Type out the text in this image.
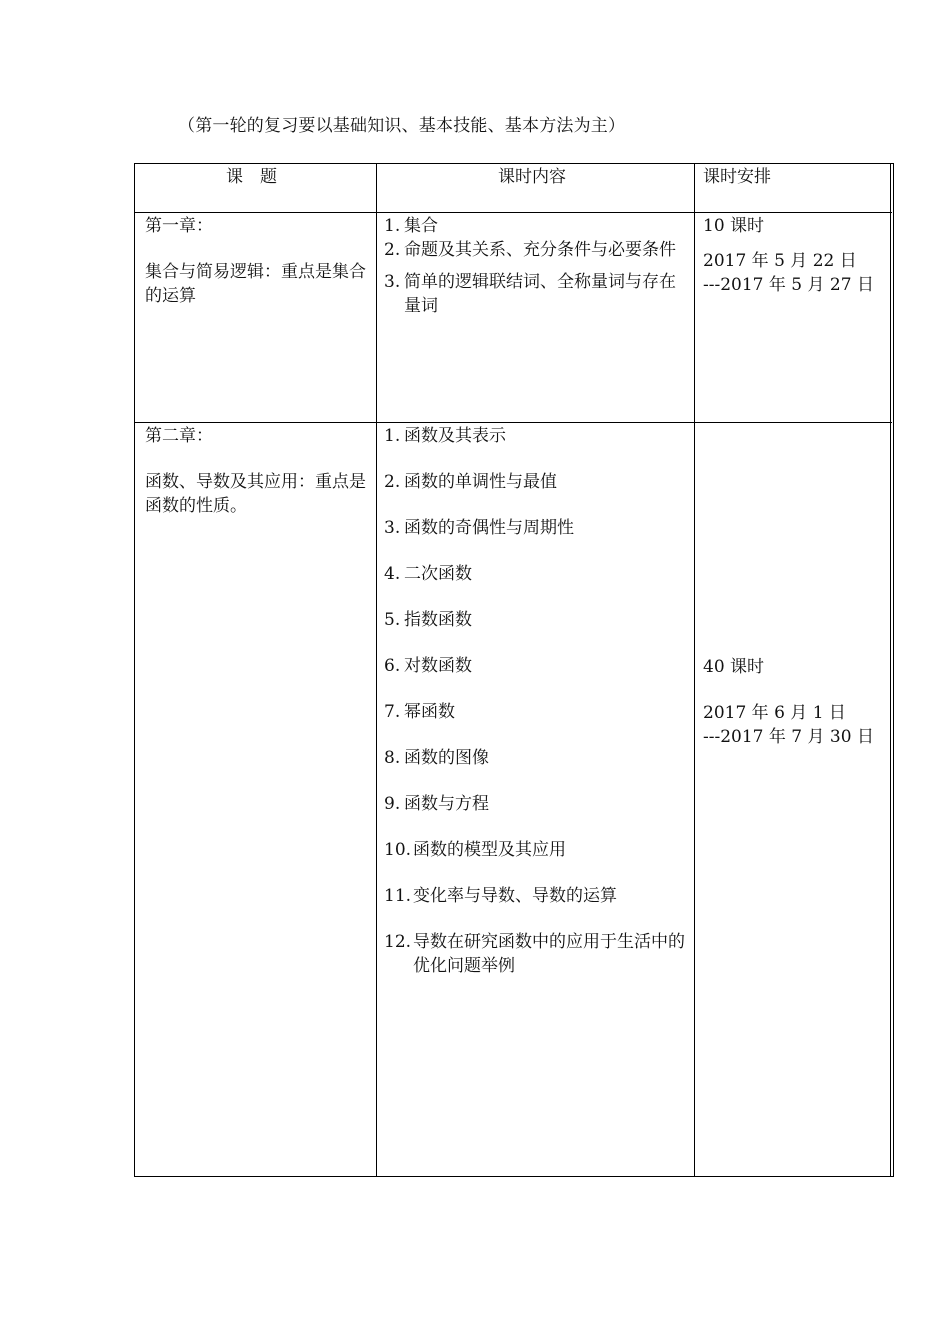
（第一轮的复习要以基础知识、基本技能、基本方法为主）
课　题	课时内容	课时安排
第一章：
集合与简易逻辑：重点是集合的运算
1. 集合
2. 命题及其关系、充分条件与必要条件
3. 简单的逻辑联结词、全称量词与存在量词
10 课时
2017 年 5 月 22 日
---2017 年 5 月 27 日
第二章：
函数、导数及其应用：重点是函数的性质。
1. 函数及其表示
2. 函数的单调性与最值
3. 函数的奇偶性与周期性
4. 二次函数
5. 指数函数
6. 对数函数
7. 幂函数
8. 函数的图像
9. 函数与方程
10. 函数的模型及其应用
11. 变化率与导数、导数的运算
12. 导数在研究函数中的应用于生活中的优化问题举例
40 课时
2017 年 6 月 1 日
---2017 年 7 月 30 日
